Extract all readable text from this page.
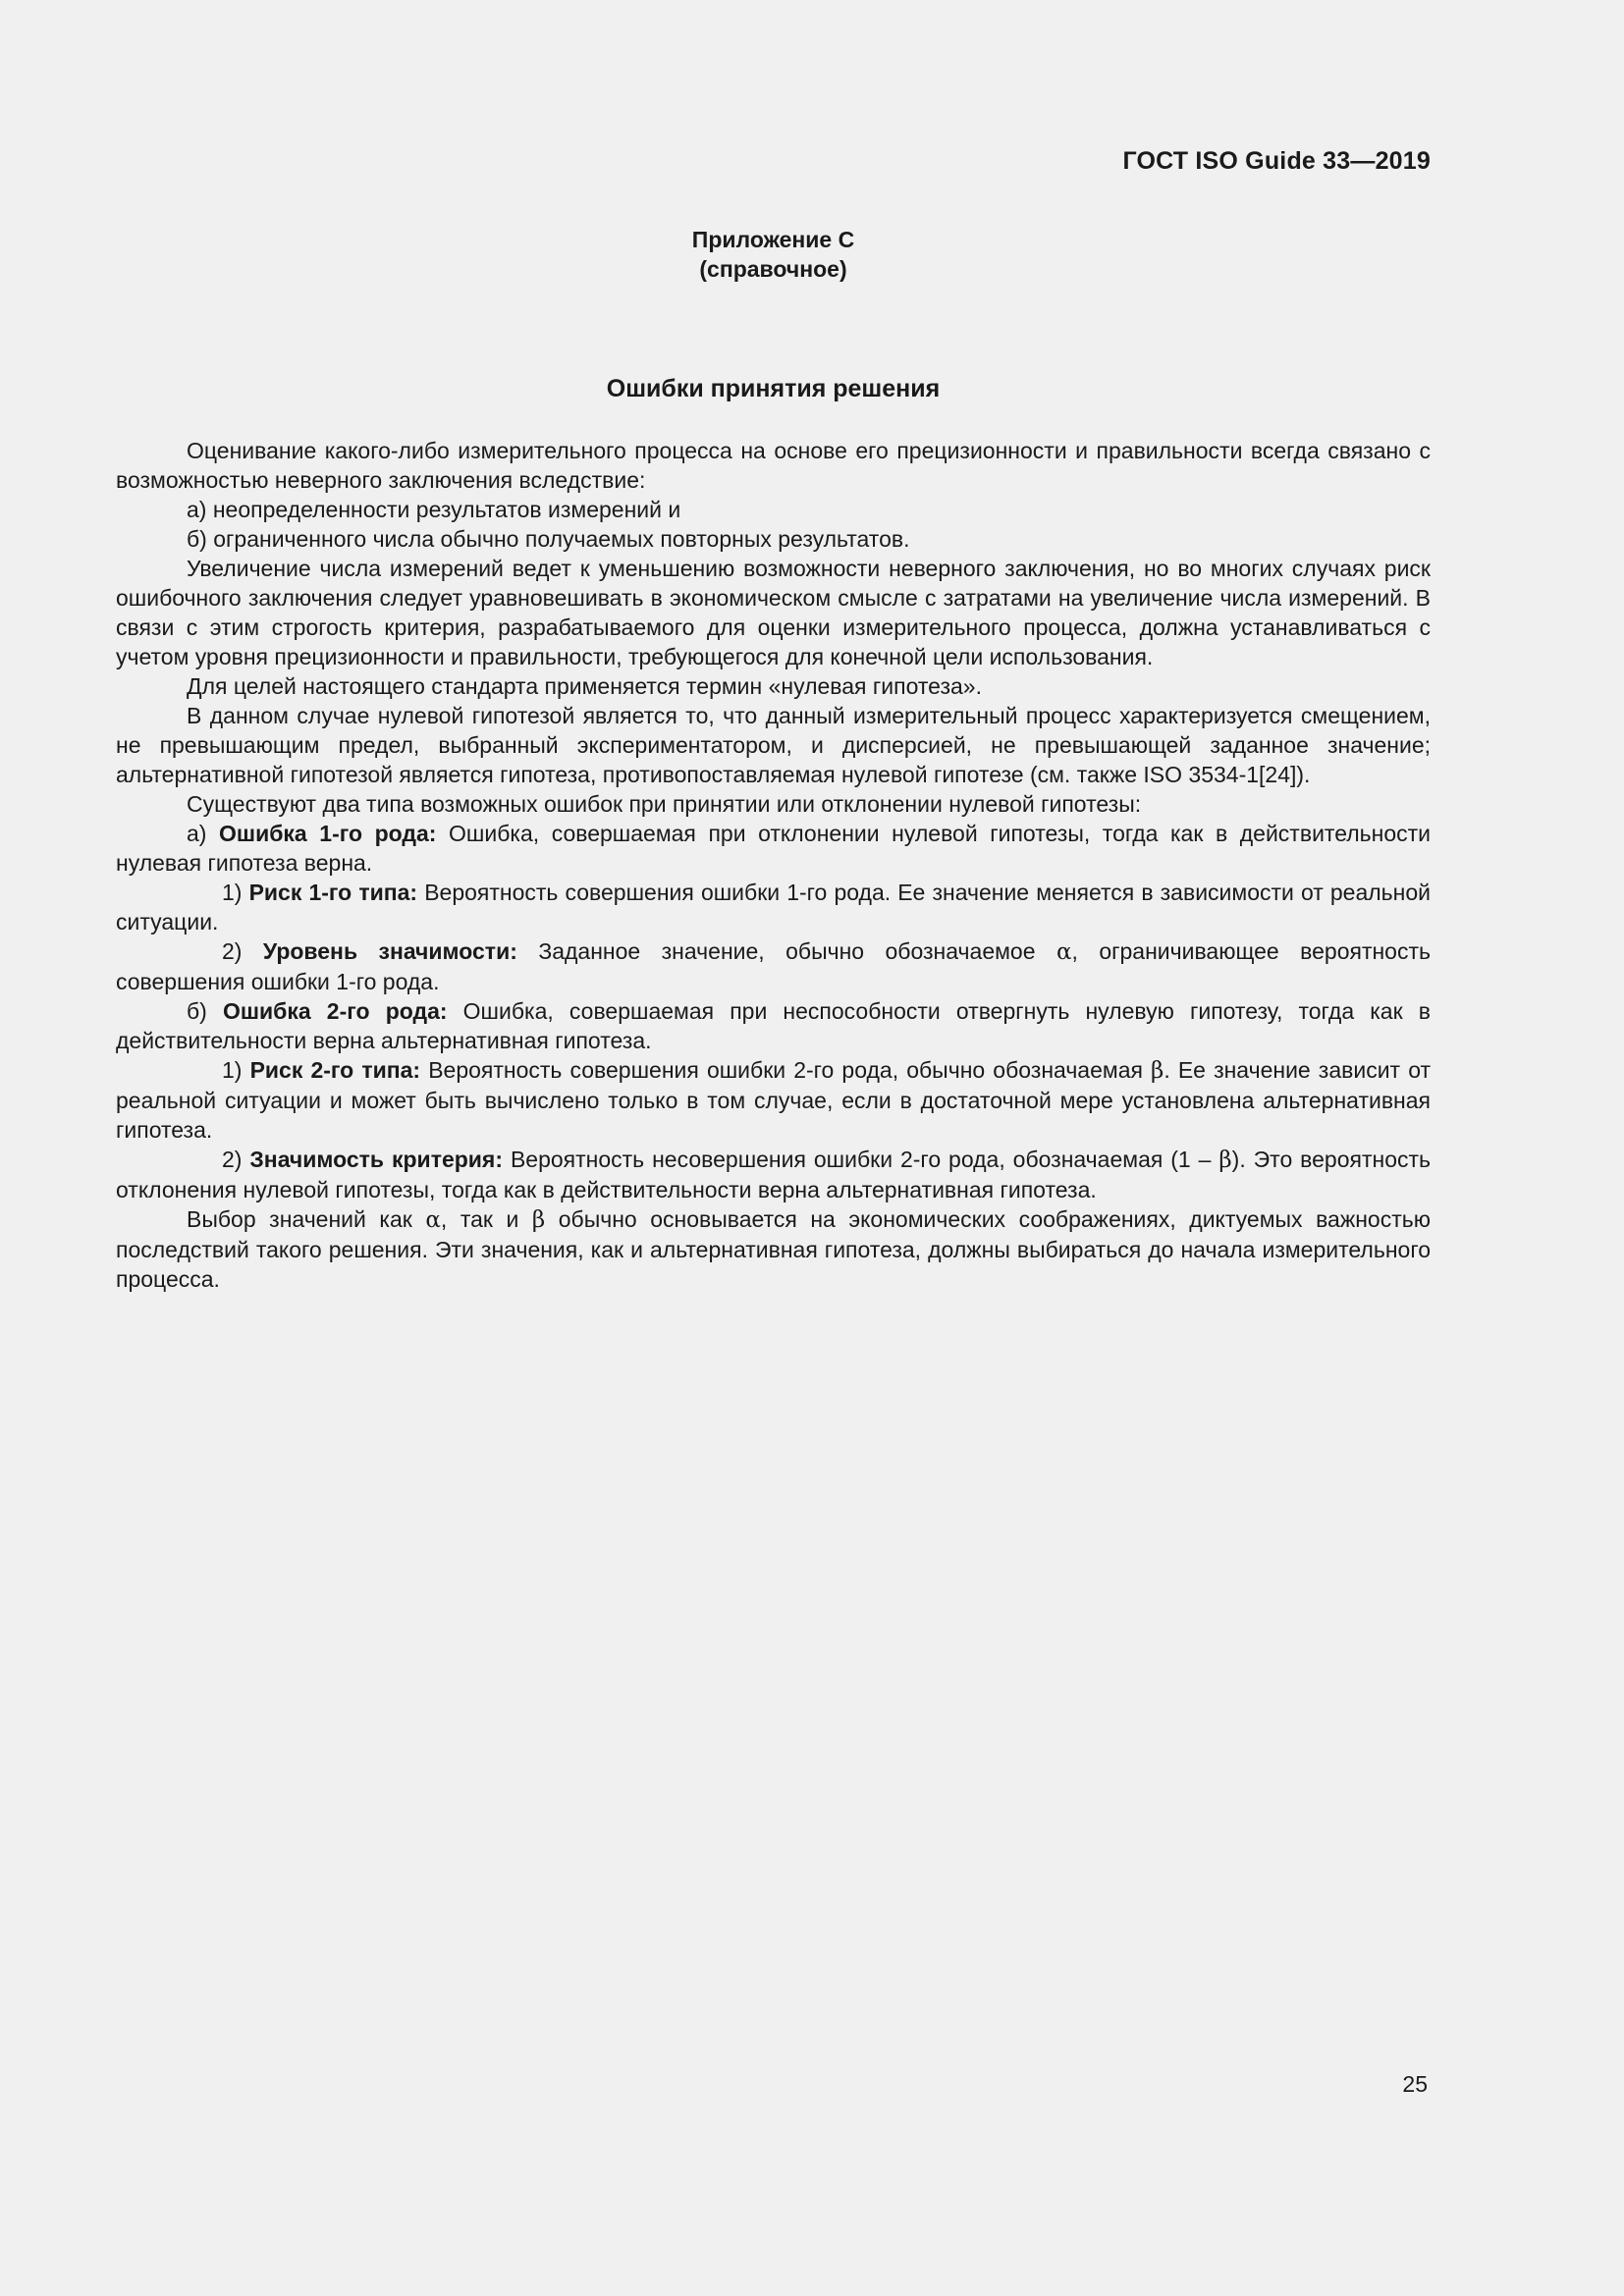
ГОСТ ISO Guide 33—2019
Приложение С
(справочное)
Ошибки принятия решения

Оценивание какого-либо измерительного процесса на основе его прецизионности и правильности всегда связано с возможностью неверного заключения вследствие:

а) неопределенности результатов измерений и

б) ограниченного числа обычно получаемых повторных результатов.

Увеличение числа измерений ведет к уменьшению возможности неверного заключения, но во многих случаях риск ошибочного заключения следует уравновешивать в экономическом смысле с затратами на увеличение числа измерений. В связи с этим строгость критерия, разрабатываемого для оценки измерительного процесса, должна устанавливаться с учетом уровня прецизионности и правильности, требующегося для конечной цели использования.

Для целей настоящего стандарта применяется термин «нулевая гипотеза».

В данном случае нулевой гипотезой является то, что данный измерительный процесс характеризуется смещением, не превышающим предел, выбранный экспериментатором, и дисперсией, не превышающей заданное значение; альтернативной гипотезой является гипотеза, противопоставляемая нулевой гипотезе (см. также ISO 3534-1[24]).

Существуют два типа возможных ошибок при принятии или отклонении нулевой гипотезы:

а) Ошибка 1-го рода: Ошибка, совершаемая при отклонении нулевой гипотезы, тогда как в действительности нулевая гипотеза верна.

1) Риск 1-го типа: Вероятность совершения ошибки 1-го рода. Ее значение меняется в зависимости от реальной ситуации.

2) Уровень значимости: Заданное значение, обычно обозначаемое α, ограничивающее вероятность совершения ошибки 1-го рода.

б) Ошибка 2-го рода: Ошибка, совершаемая при неспособности отвергнуть нулевую гипотезу, тогда как в действительности верна альтернативная гипотеза.

1) Риск 2-го типа: Вероятность совершения ошибки 2-го рода, обычно обозначаемая β. Ее значение зависит от реальной ситуации и может быть вычислено только в том случае, если в достаточной мере установлена альтернативная гипотеза.

2) Значимость критерия: Вероятность несовершения ошибки 2-го рода, обозначаемая (1 – β). Это вероятность отклонения нулевой гипотезы, тогда как в действительности верна альтернативная гипотеза.

Выбор значений как α, так и β обычно основывается на экономических соображениях, диктуемых важностью последствий такого решения. Эти значения, как и альтернативная гипотеза, должны выбираться до начала измерительного процесса.

25
